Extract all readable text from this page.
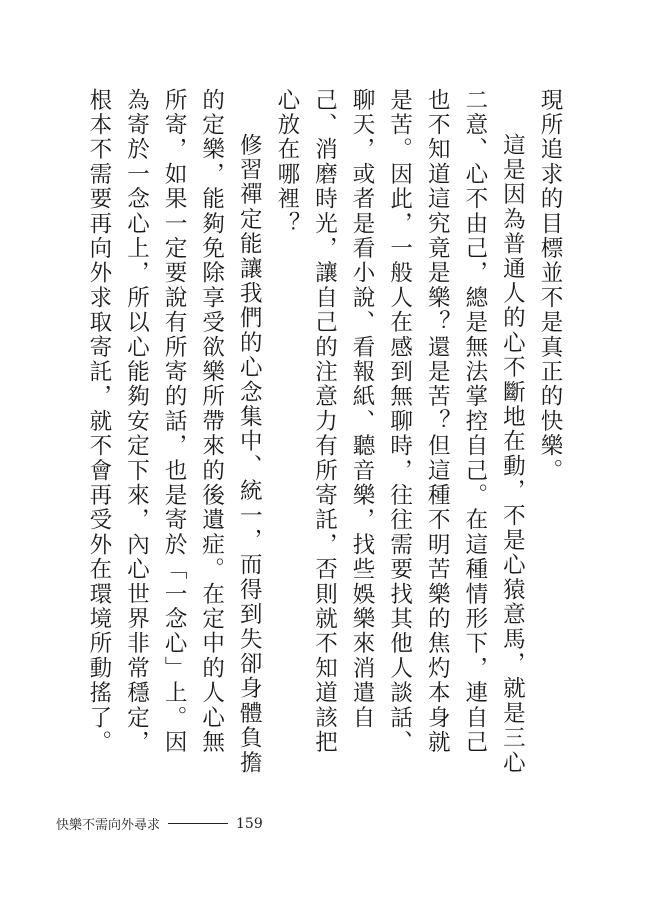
現所追求的目標並不是真正的快樂。

這是因為普通人的心不斷地在動，不是心猿意馬，就是三心二意、心不由己，總是無法掌控自己。在這種情形下，連自己也不知道這究竟是樂？還是苦？但這種不明苦樂的焦灼本身就是苦。因此，一般人在感到無聊時，往往需要找其他人談話、聊天，或者是看小說、看報紙、聽音樂，找些娛樂來消遣自己、消磨時光，讓自己的注意力有所寄託，否則就不知道該把心放在哪裡？

修習禪定能讓我們的心念集中、統一，而得到失卻身體負擔的定樂，能夠免除享受欲樂所帶來的後遺症。在定中的人心無所寄，如果一定要說有所寄的話，也是寄於「一念心」上。因為寄於一念心上，所以心能夠安定下來，內心世界非常穩定，根本不需要再向外求取寄託，就不會再受外在環境所動搖了。

快樂不需向外尋求	159
